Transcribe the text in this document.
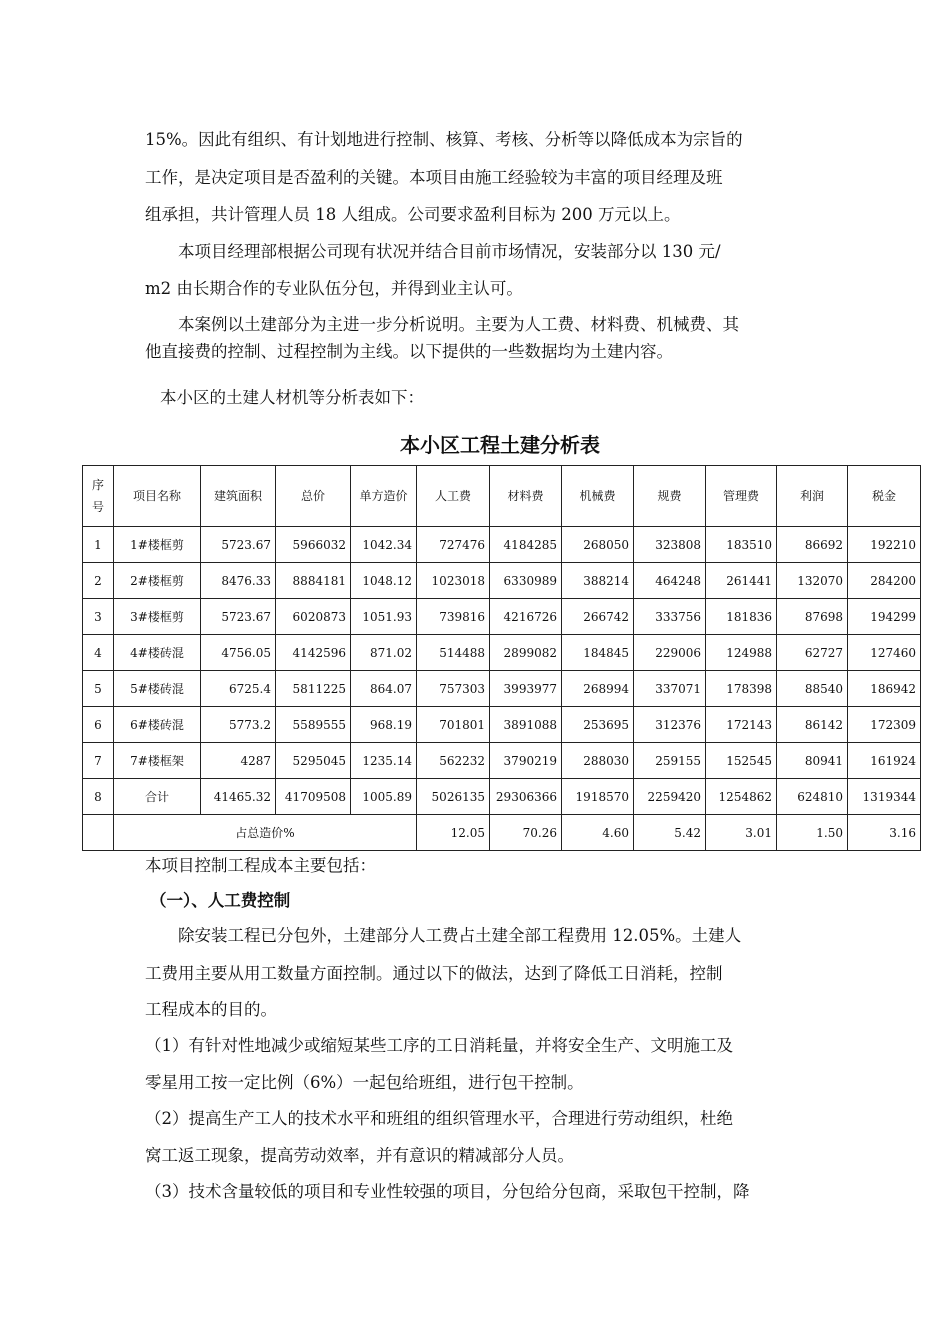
15%。因此有组织、有计划地进行控制、核算、考核、分析等以降低成本为宗旨的

工作，是决定项目是否盈利的关键。本项目由施工经验较为丰富的项目经理及班

组承担，共计管理人员 18 人组成。公司要求盈利目标为 200 万元以上。

本项目经理部根据公司现有状况并结合目前市场情况，安装部分以 130 元/

m2 由长期合作的专业队伍分包，并得到业主认可。

本案例以土建部分为主进一步分析说明。主要为人工费、材料费、机械费、其

他直接费的控制、过程控制为主线。以下提供的一些数据均为土建内容。

本小区的土建人材机等分析表如下：

本小区工程土建分析表
序号	项目名称	建筑面积	总价	单方造价	人工费	材料费	机械费	规费	管理费	利润	税金
1	1#楼框剪	5723.67	5966032	1042.34	727476	4184285	268050	323808	183510	86692	192210
2	2#楼框剪	8476.33	8884181	1048.12	1023018	6330989	388214	464248	261441	132070	284200
3	3#楼框剪	5723.67	6020873	1051.93	739816	4216726	266742	333756	181836	87698	194299
4	4#楼砖混	4756.05	4142596	871.02	514488	2899082	184845	229006	124988	62727	127460
5	5#楼砖混	6725.4	5811225	864.07	757303	3993977	268994	337071	178398	88540	186942
6	6#楼砖混	5773.2	5589555	968.19	701801	3891088	253695	312376	172143	86142	172309
7	7#楼框架	4287	5295045	1235.14	562232	3790219	288030	259155	152545	80941	161924
8	合计	41465.32	41709508	1005.89	5026135	29306366	1918570	2259420	1254862	624810	1319344
	占总造价%				12.05	70.26	4.60	5.42	3.01	1.50	3.16

本项目控制工程成本主要包括：

（一）、人工费控制

除安装工程已分包外，土建部分人工费占土建全部工程费用 12.05%。土建人

工费用主要从用工数量方面控制。通过以下的做法，达到了降低工日消耗，控制

工程成本的目的。

（1）有针对性地减少或缩短某些工序的工日消耗量，并将安全生产、文明施工及

零星用工按一定比例（6%）一起包给班组，进行包干控制。

（2）提高生产工人的技术水平和班组的组织管理水平，合理进行劳动组织，杜绝

窝工返工现象，提高劳动效率，并有意识的精减部分人员。

（3）技术含量较低的项目和专业性较强的项目，分包给分包商，采取包干控制，降
